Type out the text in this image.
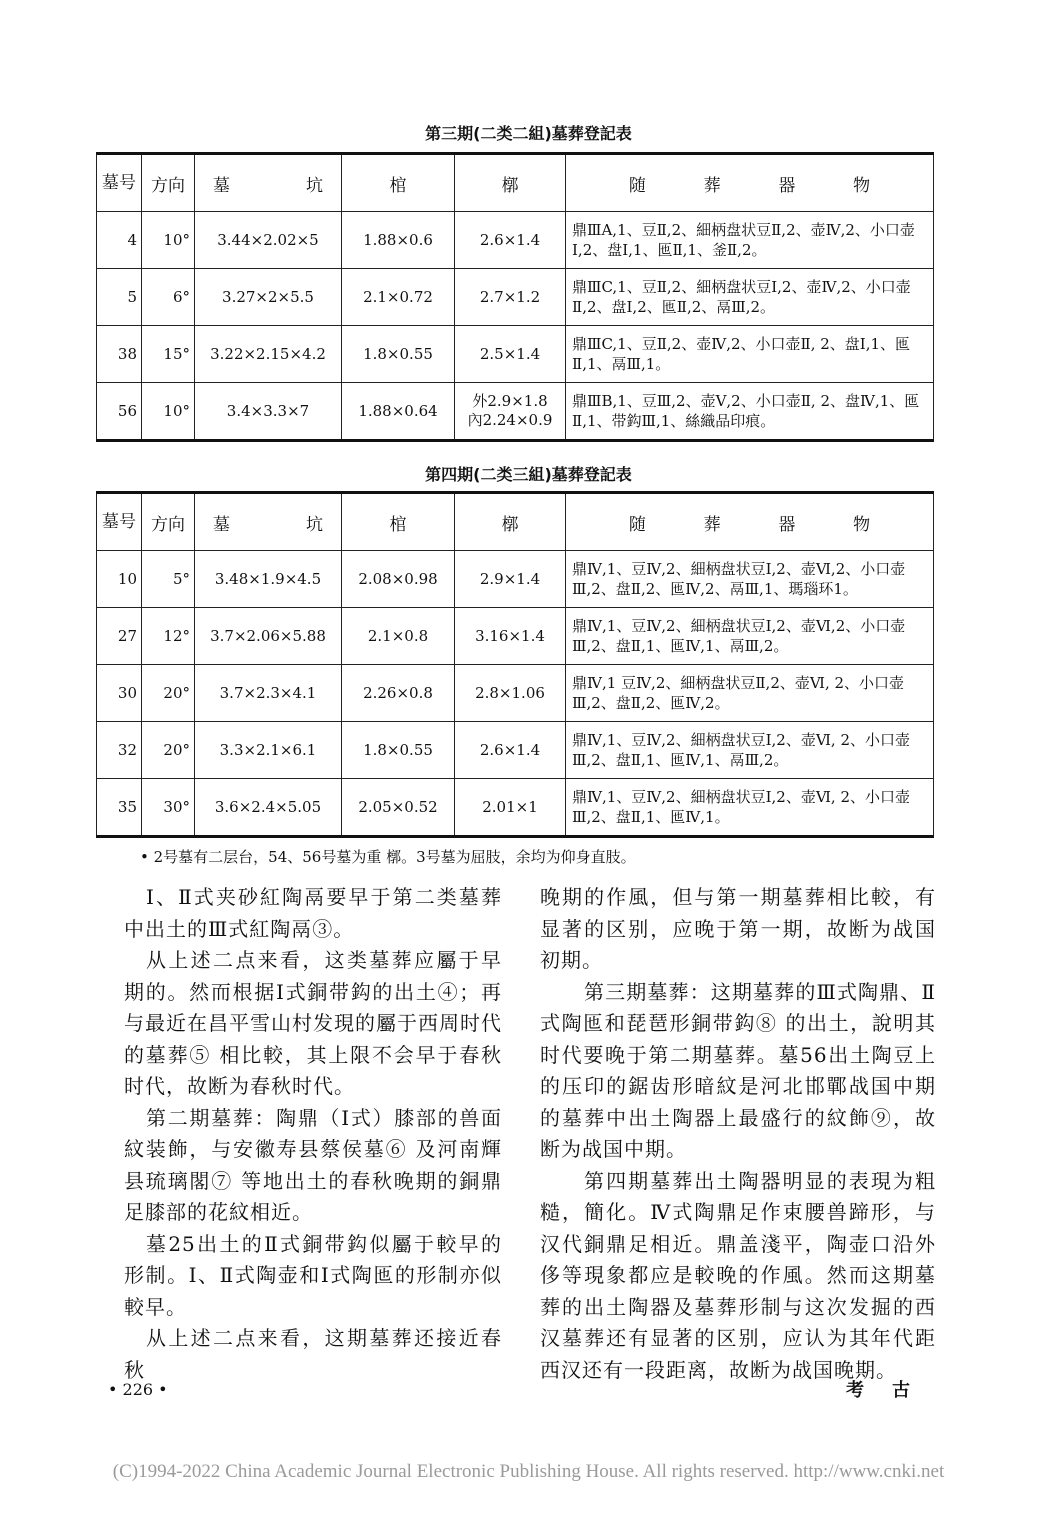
第三期(二类二組)墓葬登記表
墓号	方向	墓 坑	棺	槨	随 葬 器 物

4	10°	3.44×2.02×5	1.88×0.6	2.6×1.4	鼎ⅢA,1、豆Ⅱ,2、細柄盘状豆Ⅱ,2、壶Ⅳ,2、小口壶Ⅰ,2、盘Ⅰ,1、匜Ⅱ,1、釜Ⅱ,2。
5	6°	3.27×2×5.5	2.1×0.72	2.7×1.2	鼎ⅢC,1、豆Ⅱ,2、細柄盘状豆Ⅰ,2、壶Ⅳ,2、小口壶Ⅱ,2、盘Ⅰ,2、匜Ⅱ,2、鬲Ⅲ,2。
38	15°	3.22×2.15×4.2	1.8×0.55	2.5×1.4	鼎ⅢC,1、豆Ⅱ,2、壶Ⅳ,2、小口壶Ⅱ, 2、盘Ⅰ,1、匜Ⅱ,1、鬲Ⅲ,1。
56	10°	3.4×3.3×7	1.88×0.64	外2.9×1.8
內2.24×0.9	鼎ⅢB,1、豆Ⅲ,2、壶Ⅴ,2、小口壶Ⅱ, 2、盘Ⅳ,1、匜Ⅱ,1、带鈎Ⅲ,1、絲織品印痕。
第四期(二类三組)墓葬登記表
墓号	方向	墓 坑	棺	槨	随 葬 器 物

10	5°	3.48×1.9×4.5	2.08×0.98	2.9×1.4	鼎Ⅳ,1、豆Ⅳ,2、細柄盘状豆Ⅰ,2、壶Ⅵ,2、小口壶Ⅲ,2、盘Ⅱ,2、匜Ⅳ,2、鬲Ⅲ,1、瑪瑙环1。
27	12°	3.7×2.06×5.88	2.1×0.8	3.16×1.4	鼎Ⅳ,1、豆Ⅳ,2、細柄盘状豆Ⅰ,2、壶Ⅵ,2、小口壶Ⅲ,2、盘Ⅱ,1、匜Ⅳ,1、鬲Ⅲ,2。
30	20°	3.7×2.3×4.1	2.26×0.8	2.8×1.06	鼎Ⅳ,1 豆Ⅳ,2、細柄盘状豆Ⅱ,2、壶Ⅵ, 2、小口壶Ⅲ,2、盘Ⅱ,2、匜Ⅳ,2。
32	20°	3.3×2.1×6.1	1.8×0.55	2.6×1.4	鼎Ⅳ,1、豆Ⅳ,2、細柄盘状豆Ⅰ,2、壶Ⅵ, 2、小口壶Ⅲ,2、盘Ⅱ,1、匜Ⅳ,1、鬲Ⅲ,2。
35	30°	3.6×2.4×5.05	2.05×0.52	2.01×1	鼎Ⅳ,1、豆Ⅳ,2、細柄盘状豆Ⅰ,2、壶Ⅵ, 2、小口壶Ⅲ,2、盘Ⅱ,1、匜Ⅳ,1。
• 2号墓有二层台，54、56号墓为重 槨。3号墓为屈肢，余均为仰身直肢。

Ⅰ、Ⅱ式夹砂紅陶鬲要早于第二类墓葬中出土的Ⅲ式紅陶鬲③。

从上述二点来看，这类墓葬应屬于早期的。然而根据Ⅰ式銅带鈎的出土④；再与最近在昌平雪山村发現的屬于西周时代的墓葬⑤ 相比較，其上限不会早于春秋时代，故断为春秋时代。

第二期墓葬：陶鼎（Ⅰ式）膝部的兽面紋装飾，与安徽寿县蔡侯墓⑥ 及河南輝县琉璃閣⑦ 等地出土的春秋晚期的銅鼎足膝部的花紋相近。

墓25出土的Ⅱ式銅带鈎似屬于較早的形制。Ⅰ、Ⅱ式陶壶和Ⅰ式陶匜的形制亦似較早。

从上述二点来看，这期墓葬还接近春秋

晚期的作風，但与第一期墓葬相比較，有显著的区别，应晚于第一期，故断为战国初期。

第三期墓葬：这期墓葬的Ⅲ式陶鼎、Ⅱ式陶匜和琵琶形銅带鈎⑧ 的出土，說明其时代要晚于第二期墓葬。墓56出土陶豆上的压印的鋸齿形暗紋是河北邯鄲战国中期的墓葬中出土陶器上最盛行的紋飾⑨，故断为战国中期。

第四期墓葬出土陶器明显的表現为粗糙，簡化。Ⅳ式陶鼎足作束腰兽蹄形，与汉代銅鼎足相近。鼎盖淺平，陶壶口沿外侈等現象都应是較晚的作風。然而这期墓葬的出土陶器及墓葬形制与这次发掘的西汉墓葬还有显著的区别，应认为其年代距西汉还有一段距离，故断为战国晚期。

• 226 •	考古
(C)1994-2022 China Academic Journal Electronic Publishing House. All rights reserved. http://www.cnki.net
